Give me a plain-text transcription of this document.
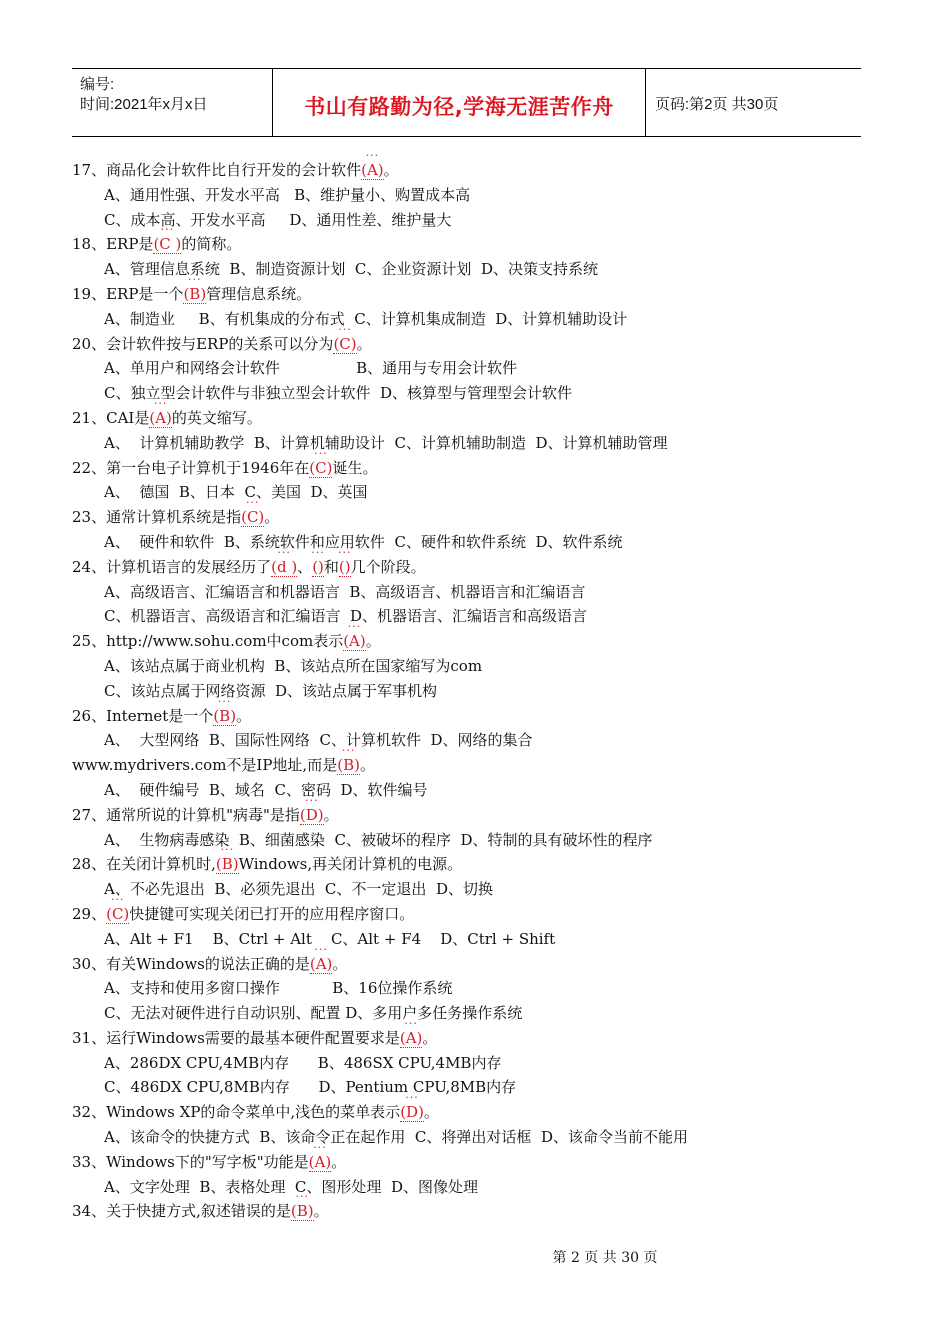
编号:
时间:2021年x月x日	书山有路勤为径,学海无涯苦作舟	页码:第2页 共30页
17、商品化会计软件比自行开发的会计软件··· (A)。
A、通用性强、开发水平高   B、维护量小、购置成本高
C、成本高、开发水平高     D、通用性差、维护量大
18、ERP是··· (C )的简称。
A、管理信息系统  B、制造资源计划  C、企业资源计划  D、决策支持系统
19、ERP是一个··· (B)管理信息系统。
A、制造业     B、有机集成的分布式  C、计算机集成制造  D、计算机辅助设计
20、会计软件按与ERP的关系可以分为··· (C)。
A、单用户和网络会计软件                B、通用与专用会计软件
C、独立型会计软件与非独立型会计软件  D、核算型与管理型会计软件
21、CAI是··· (A)的英文缩写。
A、  计算机辅助教学  B、计算机辅助设计  C、计算机辅助制造  D、计算机辅助管理
22、第一台电子计算机于1946年在··· (C)诞生。
A、  德国  B、日本  C、美国  D、英国
23、通常计算机系统是指··· (C)。
A、  硬件和软件  B、系统软件和应用软件  C、硬件和软件系统  D、软件系统
24、计算机语言的发展经历了··· (d )、··· ()和··· ()几个阶段。
A、高级语言、汇编语言和机器语言  B、高级语言、机器语言和汇编语言
C、机器语言、高级语言和汇编语言  D、机器语言、汇编语言和高级语言
25、http://www.sohu.com中com表示··· (A)。
A、该站点属于商业机构  B、该站点所在国家缩写为com
C、该站点属于网络资源  D、该站点属于军事机构
26、Internet是一个··· (B)。
A、  大型网络  B、国际性网络  C、计算机软件  D、网络的集合
www.mydrivers.com不是IP地址,而是··· (B)。
A、  硬件编号  B、域名  C、密码  D、软件编号
27、通常所说的计算机"病毒"是指··· (D)。
A、  生物病毒感染  B、细菌感染  C、被破坏的程序  D、特制的具有破坏性的程序
28、在关闭计算机时,··· (B)Windows,再关闭计算机的电源。
A、不必先退出  B、必须先退出  C、不一定退出  D、切换
29、··· (C)快捷键可实现关闭已打开的应用程序窗口。
A、Alt + F1    B、Ctrl + Alt    C、Alt + F4    D、Ctrl + Shift
30、有关Windows的说法正确的是··· (A)。
A、支持和使用多窗口操作           B、16位操作系统
C、无法对硬件进行自动识别、配置 D、多用户多任务操作系统
31、运行Windows需要的最基本硬件配置要求是··· (A)。
A、286DX CPU,4MB内存      B、486SX CPU,4MB内存
C、486DX CPU,8MB内存      D、Pentium CPU,8MB内存
32、Windows XP的命令菜单中,浅色的菜单表示··· (D)。
A、该命令的快捷方式  B、该命令正在起作用  C、将弹出对话框  D、该命令当前不能用
33、Windows下的"写字板"功能是··· (A)。
A、文字处理  B、表格处理  C、图形处理  D、图像处理
34、关于快捷方式,叙述错误的是··· (B)。
第 2 页 共 30 页
